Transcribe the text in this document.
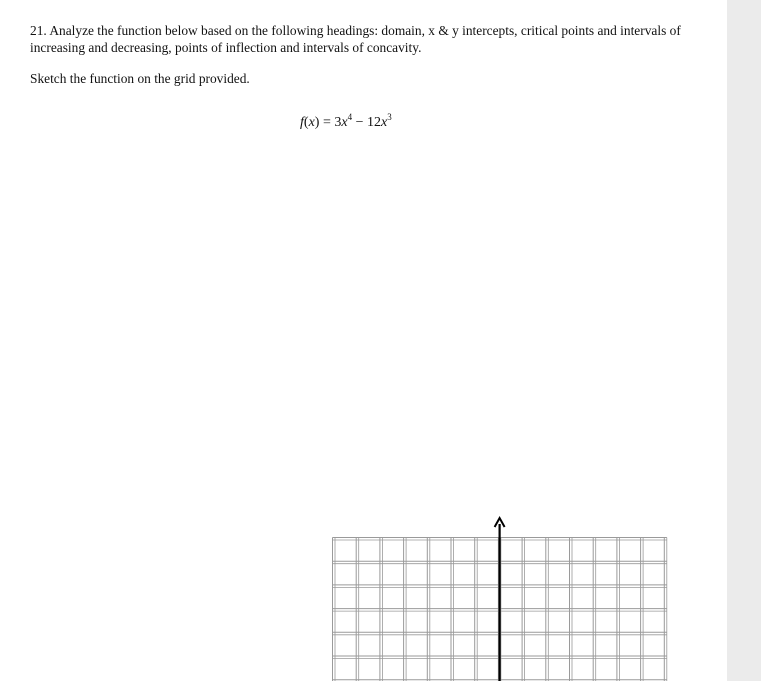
21. Analyze the function below based on the following headings: domain, x & y intercepts, critical points and intervals of increasing and decreasing, points of inflection and intervals of concavity.

Sketch the function on the grid provided.

$f(x) = 3x^4 - 12x^3$
